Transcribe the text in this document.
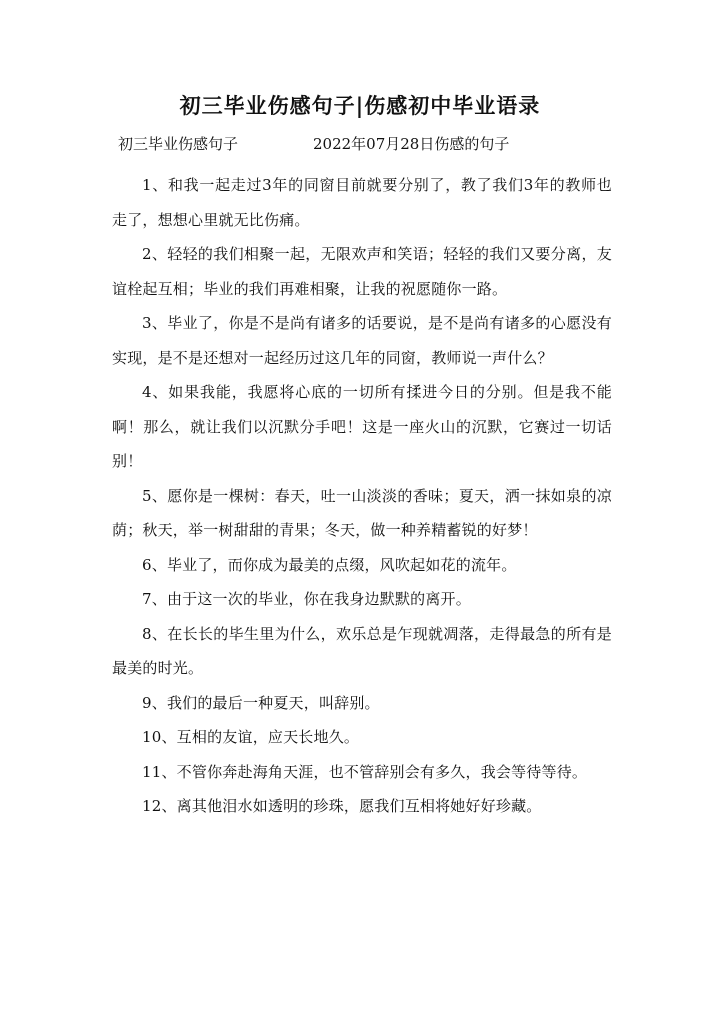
初三毕业伤感句子|伤感初中毕业语录
初三毕业伤感句子	2022年07月28日伤感的句子

1、和我一起走过3年的同窗目前就要分别了，教了我们3年的教师也走了，想想心里就无比伤痛。

2、轻轻的我们相聚一起，无限欢声和笑语；轻轻的我们又要分离，友谊栓起互相；毕业的我们再难相聚，让我的祝愿随你一路。

3、毕业了，你是不是尚有诸多的话要说，是不是尚有诸多的心愿没有实现，是不是还想对一起经历过这几年的同窗，教师说一声什么？

4、如果我能，我愿将心底的一切所有揉进今日的分别。但是我不能啊！那么，就让我们以沉默分手吧！这是一座火山的沉默，它赛过一切话别！

5、愿你是一棵树：春天，吐一山淡淡的香味；夏天，洒一抹如泉的凉荫；秋天，举一树甜甜的青果；冬天，做一种养精蓄锐的好梦！

6、毕业了，而你成为最美的点缀，风吹起如花的流年。

7、由于这一次的毕业，你在我身边默默的离开。

8、在长长的毕生里为什么，欢乐总是乍现就凋落，走得最急的所有是最美的时光。

9、我们的最后一种夏天，叫辞别。

10、互相的友谊，应天长地久。

11、不管你奔赴海角天涯，也不管辞别会有多久，我会等待等待。

12、离其他泪水如透明的珍珠，愿我们互相将她好好珍藏。
